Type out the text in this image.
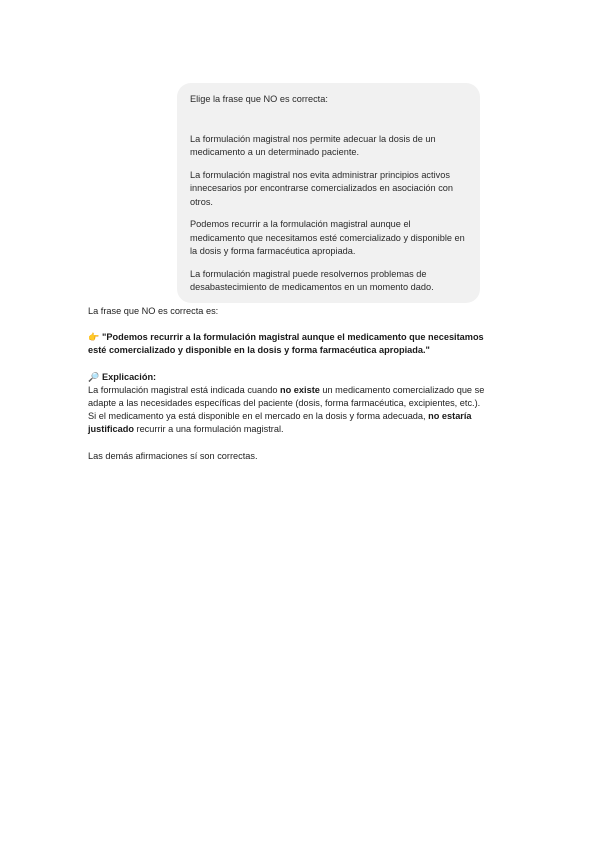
Elige la frase que NO es correcta:

La formulación magistral nos permite adecuar la dosis de un medicamento a un determinado paciente.

La formulación magistral nos evita administrar principios activos innecesarios por encontrarse comercializados en asociación con otros.

Podemos recurrir a la formulación magistral aunque el medicamento que necesitamos esté comercializado y disponible en la dosis y forma farmacéutica apropiada.

La formulación magistral puede resolvernos problemas de desabastecimiento de medicamentos en un momento dado.

La frase que NO es correcta es:

👉 "Podemos recurrir a la formulación magistral aunque el medicamento que necesitamos esté comercializado y disponible en la dosis y forma farmacéutica apropiada."

🔎 Explicación:

La formulación magistral está indicada cuando no existe un medicamento comercializado que se adapte a las necesidades específicas del paciente (dosis, forma farmacéutica, excipientes, etc.).

Si el medicamento ya está disponible en el mercado en la dosis y forma adecuada, no estaría justificado recurrir a una formulación magistral.

Las demás afirmaciones sí son correctas.
